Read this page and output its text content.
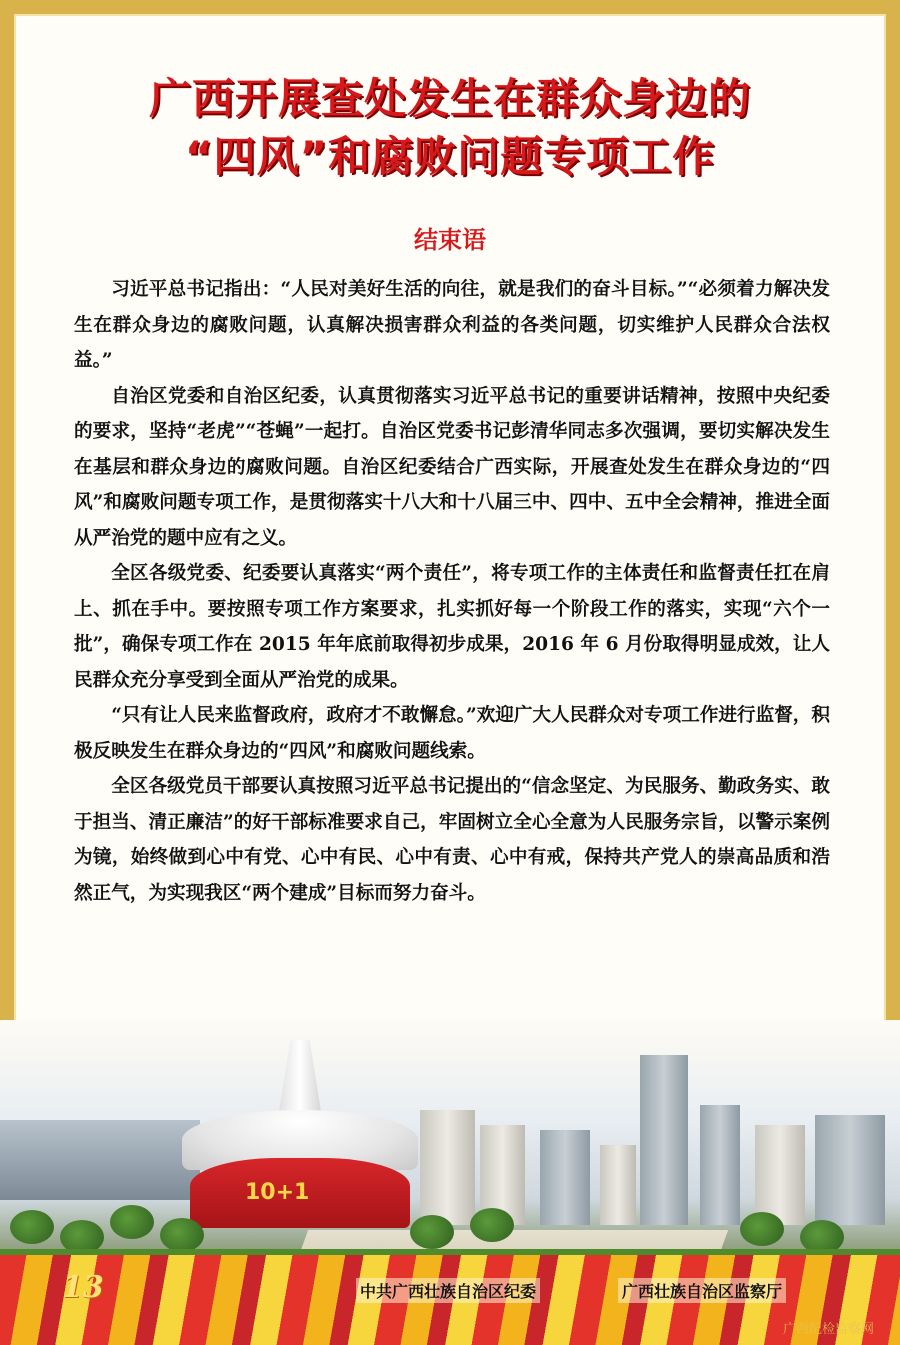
广西开展查处发生在群众身边的
“四风”和腐败问题专项工作
结束语

习近平总书记指出：“人民对美好生活的向往，就是我们的奋斗目标。”“必须着力解决发生在群众身边的腐败问题，认真解决损害群众利益的各类问题，切实维护人民群众合法权益。”

自治区党委和自治区纪委，认真贯彻落实习近平总书记的重要讲话精神，按照中央纪委的要求，坚持“老虎”“苍蝇”一起打。自治区党委书记彭清华同志多次强调，要切实解决发生在基层和群众身边的腐败问题。自治区纪委结合广西实际，开展查处发生在群众身边的“四风”和腐败问题专项工作，是贯彻落实十八大和十八届三中、四中、五中全会精神，推进全面从严治党的题中应有之义。

全区各级党委、纪委要认真落实“两个责任”，将专项工作的主体责任和监督责任扛在肩上、抓在手中。要按照专项工作方案要求，扎实抓好每一个阶段工作的落实，实现“六个一批”，确保专项工作在 2015 年年底前取得初步成果，2016 年 6 月份取得明显成效，让人民群众充分享受到全面从严治党的成果。

“只有让人民来监督政府，政府才不敢懈怠。”欢迎广大人民群众对专项工作进行监督，积极反映发生在群众身边的“四风”和腐败问题线索。

全区各级党员干部要认真按照习近平总书记提出的“信念坚定、为民服务、勤政务实、敢于担当、清正廉洁”的好干部标准要求自己，牢固树立全心全意为人民服务宗旨，以警示案例为镜，始终做到心中有党、心中有民、心中有责、心中有戒，保持共产党人的崇高品质和浩然正气，为实现我区“两个建成”目标而努力奋斗。

10+1
13	中共广西壮族自治区纪委	广西壮族自治区监察厅
广西纪检监察网
